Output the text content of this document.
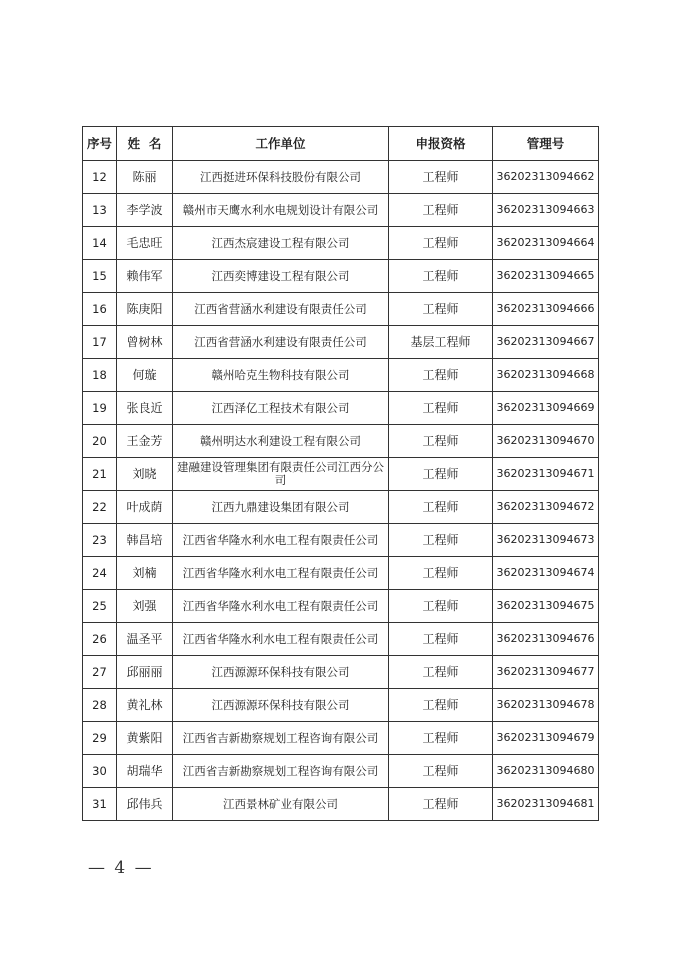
序号	姓  名	工作单位	申报资格	管理号
12	陈丽	江西挺进环保科技股份有限公司	工程师	36202313094662
13	李学波	赣州市天鹰水利水电规划设计有限公司	工程师	36202313094663
14	毛忠旺	江西杰宸建设工程有限公司	工程师	36202313094664
15	赖伟军	江西奕博建设工程有限公司	工程师	36202313094665
16	陈庚阳	江西省营涵水利建设有限责任公司	工程师	36202313094666
17	曾树林	江西省营涵水利建设有限责任公司	基层工程师	36202313094667
18	何璇	赣州哈克生物科技有限公司	工程师	36202313094668
19	张良近	江西泽亿工程技术有限公司	工程师	36202313094669
20	王金芳	赣州明达水利建设工程有限公司	工程师	36202313094670
21	刘晓	建融建设管理集团有限责任公司江西分公司	工程师	36202313094671
22	叶成荫	江西九鼎建设集团有限公司	工程师	36202313094672
23	韩昌培	江西省华隆水利水电工程有限责任公司	工程师	36202313094673
24	刘楠	江西省华隆水利水电工程有限责任公司	工程师	36202313094674
25	刘强	江西省华隆水利水电工程有限责任公司	工程师	36202313094675
26	温圣平	江西省华隆水利水电工程有限责任公司	工程师	36202313094676
27	邱丽丽	江西源源环保科技有限公司	工程师	36202313094677
28	黄礼林	江西源源环保科技有限公司	工程师	36202313094678
29	黄紫阳	江西省吉新勘察规划工程咨询有限公司	工程师	36202313094679
30	胡瑞华	江西省吉新勘察规划工程咨询有限公司	工程师	36202313094680
31	邱伟兵	江西景林矿业有限公司	工程师	36202313094681
— 4 —
